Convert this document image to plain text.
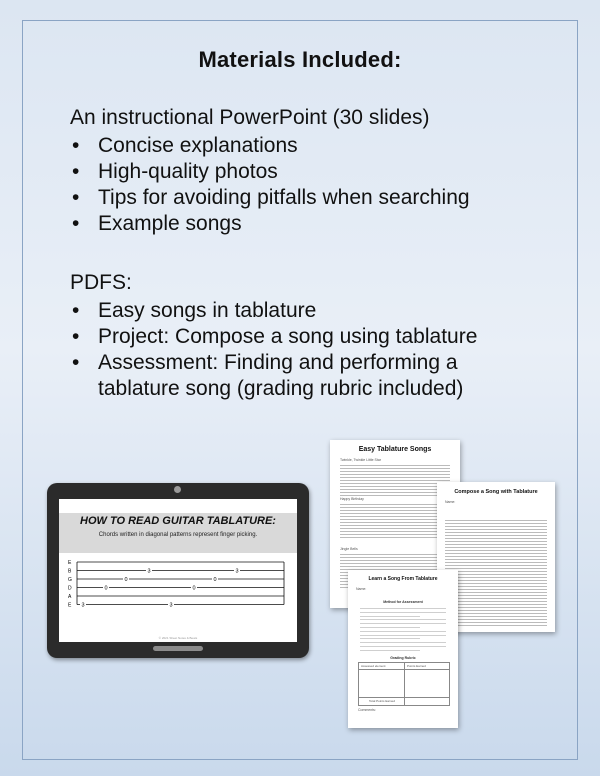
Materials Included:
An instructional PowerPoint (30 slides)
• Concise explanations
• High-quality photos
• Tips for avoiding pitfalls when searching
• Example songs
PDFS:
• Easy songs in tablature
• Project: Compose a song using tablature
• Assessment: Finding and performing a tablature song (grading rubric included)
HOW TO READ GUITAR TABLATURE:
Chords written in diagonal patterns represent finger picking.
E
B
G
D
A
E 3
0
0
3
3
0
0
3
© 2021 Sheet Notes & Beats
Easy Tablature Songs
Twinkle, Twinkle Little Star
Happy Birthday
Jingle Bells
Compose a Song with Tablature
Name:
Learn a Song From Tablature
Name:
Method for Assessment
Grading Rubric
Assessed element	Points Earned
Total Points Earned
Comments:
